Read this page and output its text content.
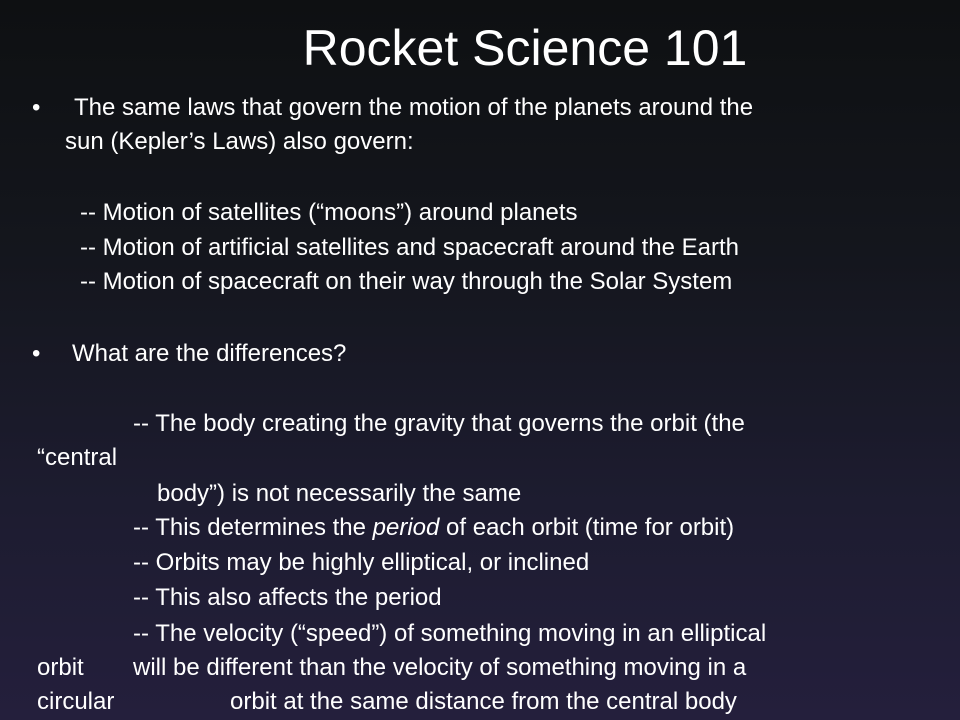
Rocket Science 101
• The same laws that govern the motion of the planets around the
sun (Kepler’s Laws) also govern:
-- Motion of satellites (“moons”) around planets
-- Motion of artificial satellites and spacecraft around the Earth
-- Motion of spacecraft on their way through the Solar System
• What are the differences?
-- The body creating the gravity that governs the orbit (the
“central
body”) is not necessarily the same
-- This determines the period of each orbit (time for orbit)
-- Orbits may be highly elliptical, or inclined
-- This also affects the period
-- The velocity (“speed”) of something moving in an elliptical
orbit will be different than the velocity of something moving in a
circular	orbit at the same distance from the central body
